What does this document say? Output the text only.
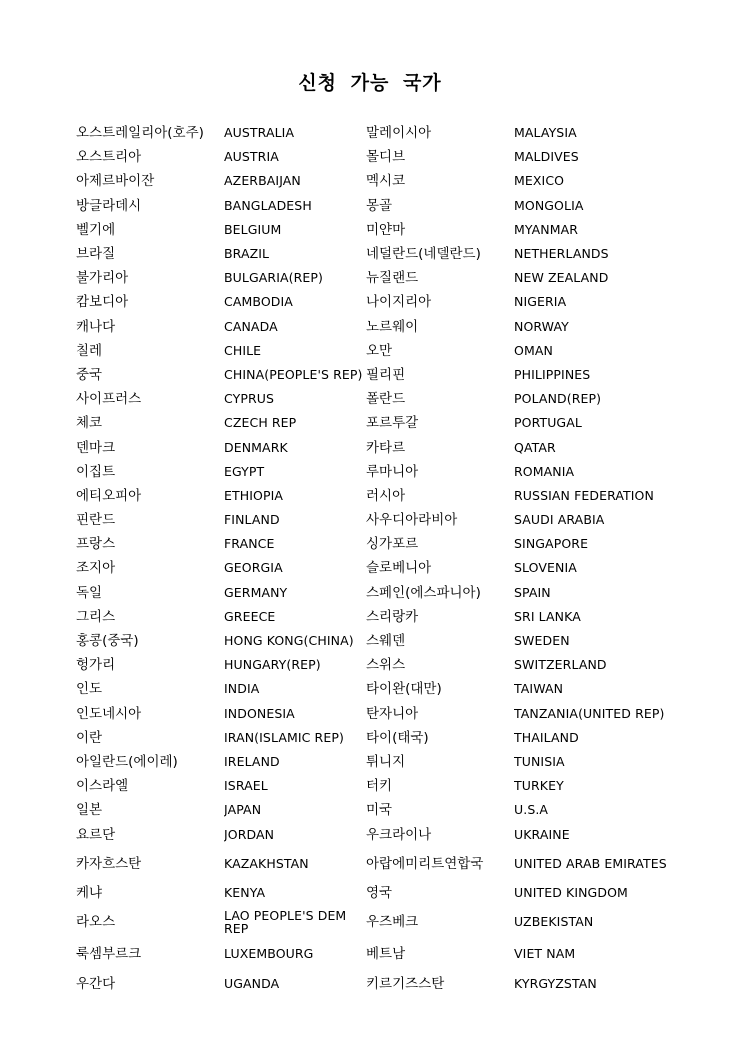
신청 가능 국가
오스트레일리아(호주)	AUSTRALIA	말레이시아	MALAYSIA
오스트리아	AUSTRIA	몰디브	MALDIVES
아제르바이잔	AZERBAIJAN	멕시코	MEXICO
방글라데시	BANGLADESH	몽골	MONGOLIA
벨기에	BELGIUM	미얀마	MYANMAR
브라질	BRAZIL	네덜란드(네델란드)	NETHERLANDS
불가리아	BULGARIA(REP)	뉴질랜드	NEW ZEALAND
캄보디아	CAMBODIA	나이지리아	NIGERIA
캐나다	CANADA	노르웨이	NORWAY
칠레	CHILE	오만	OMAN
중국	CHINA(PEOPLE'S REP)	필리핀	PHILIPPINES
사이프러스	CYPRUS	폴란드	POLAND(REP)
체코	CZECH REP	포르투갈	PORTUGAL
덴마크	DENMARK	카타르	QATAR
이집트	EGYPT	루마니아	ROMANIA
에티오피아	ETHIOPIA	러시아	RUSSIAN FEDERATION
핀란드	FINLAND	사우디아라비아	SAUDI ARABIA
프랑스	FRANCE	싱가포르	SINGAPORE
조지아	GEORGIA	슬로베니아	SLOVENIA
독일	GERMANY	스페인(에스파니아)	SPAIN
그리스	GREECE	스리랑카	SRI LANKA
홍콩(중국)	HONG KONG(CHINA)	스웨덴	SWEDEN
헝가리	HUNGARY(REP)	스위스	SWITZERLAND
인도	INDIA	타이완(대만)	TAIWAN
인도네시아	INDONESIA	탄자니아	TANZANIA(UNITED REP)
이란	IRAN(ISLAMIC REP)	타이(태국)	THAILAND
아일란드(에이레)	IRELAND	튀니지	TUNISIA
이스라엘	ISRAEL	터키	TURKEY
일본	JAPAN	미국	U.S.A
요르단	JORDAN	우크라이나	UKRAINE
카자흐스탄	KAZAKHSTAN	아랍에미리트연합국	UNITED ARAB EMIRATES
케냐	KENYA	영국	UNITED KINGDOM
라오스	LAO PEOPLE'S DEM REP	우즈베크	UZBEKISTAN
룩셈부르크	LUXEMBOURG	베트남	VIET NAM
우간다	UGANDA	키르기즈스탄	KYRGYZSTAN
